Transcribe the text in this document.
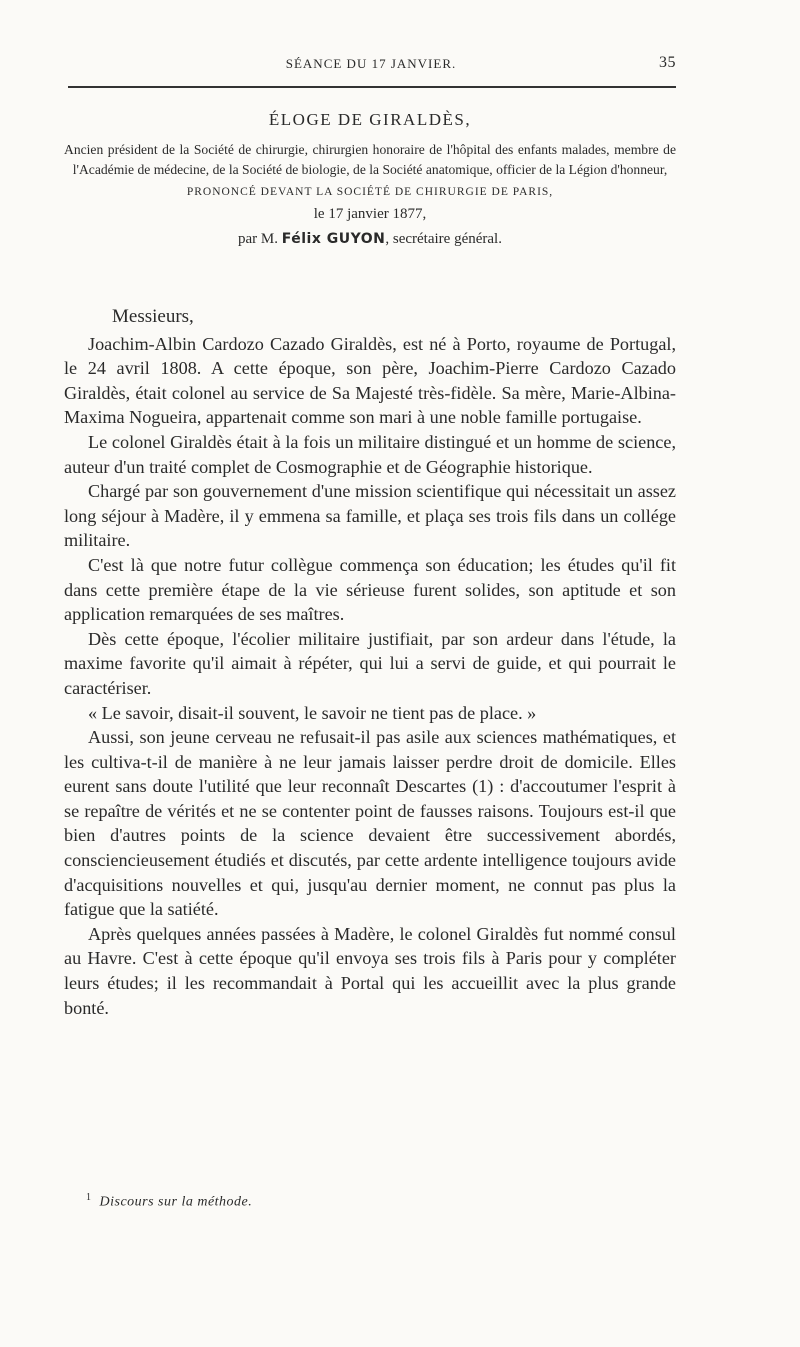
SÉANCE DU 17 JANVIER.	35
ÉLOGE DE GIRALDÈS,

Ancien président de la Société de chirurgie, chirurgien honoraire de l'hôpital des enfants malades, membre de l'Académie de médecine, de la Société de biologie, de la Société anatomique, officier de la Légion d'honneur,

PRONONCÉ DEVANT LA SOCIÉTÉ DE CHIRURGIE DE PARIS,
le 17 janvier 1877,
par M. Félix GUYON, secrétaire général.

Messieurs,

Joachim-Albin Cardozo Cazado Giraldès, est né à Porto, royaume de Portugal, le 24 avril 1808. A cette époque, son père, Joachim-Pierre Cardozo Cazado Giraldès, était colonel au service de Sa Majesté très-fidèle. Sa mère, Marie-Albina-Maxima Nogueira, appartenait comme son mari à une noble famille portugaise.

Le colonel Giraldès était à la fois un militaire distingué et un homme de science, auteur d'un traité complet de Cosmographie et de Géographie historique.

Chargé par son gouvernement d'une mission scientifique qui nécessitait un assez long séjour à Madère, il y emmena sa famille, et plaça ses trois fils dans un collége militaire.

C'est là que notre futur collègue commença son éducation; les études qu'il fit dans cette première étape de la vie sérieuse furent solides, son aptitude et son application remarquées de ses maîtres.

Dès cette époque, l'écolier militaire justifiait, par son ardeur dans l'étude, la maxime favorite qu'il aimait à répéter, qui lui a servi de guide, et qui pourrait le caractériser.

« Le savoir, disait-il souvent, le savoir ne tient pas de place. »

Aussi, son jeune cerveau ne refusait-il pas asile aux sciences mathématiques, et les cultiva-t-il de manière à ne leur jamais laisser perdre droit de domicile. Elles eurent sans doute l'utilité que leur reconnaît Descartes (1) : d'accoutumer l'esprit à se repaître de vérités et ne se contenter point de fausses raisons. Toujours est-il que bien d'autres points de la science devaient être successivement abordés, consciencieusement étudiés et discutés, par cette ardente intelligence toujours avide d'acquisitions nouvelles et qui, jusqu'au dernier moment, ne connut pas plus la fatigue que la satiété.

Après quelques années passées à Madère, le colonel Giraldès fut nommé consul au Havre. C'est à cette époque qu'il envoya ses trois fils à Paris pour y compléter leurs études; il les recommandait à Portal qui les accueillit avec la plus grande bonté.

$^1$ Discours sur la méthode.
